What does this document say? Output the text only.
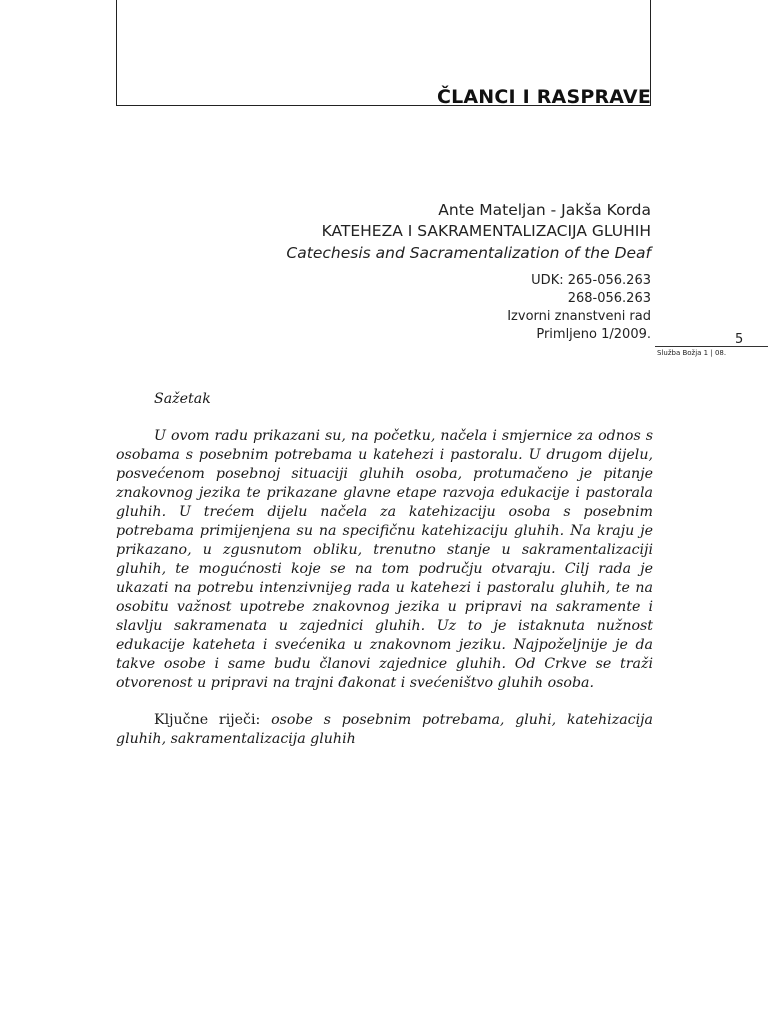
ČLANCI I RASPRAVE
Ante Mateljan - Jakša Korda
KATEHEZA I SAKRAMENTALIZACIJA GLUHIH
Catechesis and Sacramentalization of the Deaf
UDK: 265-056.263
268-056.263
Izvorni znanstveni rad
Primljeno 1/2009.	5
Služba Božja 1 | 08.

Sažetak

U ovom radu prikazani su, na početku, načela i smjernice za odnos s osobama s posebnim potrebama u katehezi i pastoralu. U drugom dijelu, posvećenom posebnoj situaciji gluhih osoba, protumačeno je pitanje znakovnog jezika te prikazane glavne etape razvoja edukacije i pastorala gluhih. U trećem dijelu načela za katehizaciju osoba s posebnim potrebama primijenjena su na specifičnu katehizaciju gluhih. Na kraju je prikazano, u zgusnutom obliku, trenutno stanje u sakramentalizaciji gluhih, te mogućnosti koje se na tom području otvaraju. Cilj rada je ukazati na potrebu intenzivnijeg rada u katehezi i pastoralu gluhih, te na osobitu važnost upotrebe znakovnog jezika u pripravi na sakramente i slavlju sakramenata u zajednici gluhih. Uz to je istaknuta nužnost edukacije kateheta i svećenika u znakovnom jeziku. Najpoželjnije je da takve osobe i same budu članovi zajednice gluhih. Od Crkve se traži otvorenost u pripravi na trajni đakonat i svećeništvo gluhih osoba.

Ključne riječi: osobe s posebnim potrebama, gluhi, katehizacija gluhih, sakramentalizacija gluhih
